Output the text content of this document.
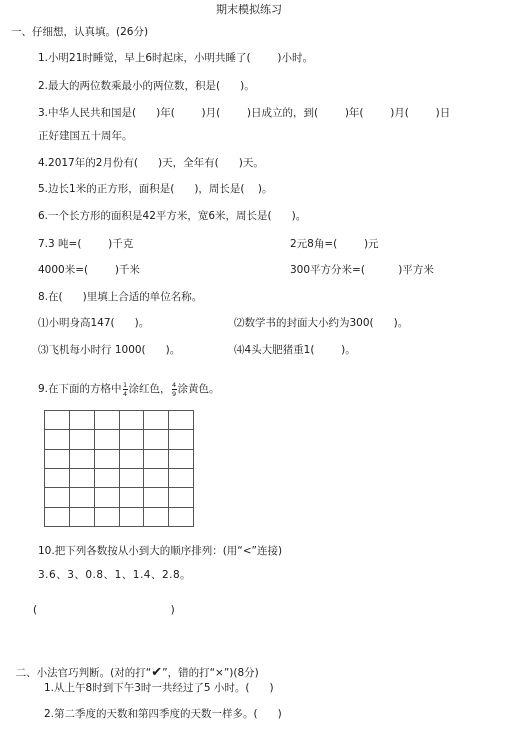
期末模拟练习
一、仔细想，认真填。(26分)
1.小明21时睡觉，早上6时起床，小明共睡了(        )小时。
2.最大的两位数乘最小的两位数，积是(      )。
3.中华人民共和国是(      )年(        )月(        )日成立的，到(        )年(        )月(        )日
正好建国五十周年。
4.2017年的2月份有(      )天，全年有(      )天。
5.边长1米的正方形，面积是(      )，周长是(    )。
6.一个长方形的面积是42平方米，宽6米，周长是(      )。
7.3 吨=(        )千克	2元8角=(        )元
4000米=(        )千米	300平方分米=(          )平方米
8.在(      )里填上合适的单位名称。
⑴小明身高147(      )。	⑵数学书的封面大小约为300(      )。
⑶飞机每小时行 1000(      )。	⑷4头大肥猪重1(        )。
9.在下面的方格中 $\frac{1}{4}$ 涂红色， $\frac{4}{9}$ 涂黄色。
10.把下列各数按从小到大的顺序排列：(用“<”连接)
3.6、3、0.8、1、1.4、2.8。
(                                        )

二、小法官巧判断。(对的打“✔”，错的打“×”)(8分)

1.从上午8时到下午3时一共经过了5 小时。(      )
2.第二季度的天数和第四季度的天数一样多。(      )
